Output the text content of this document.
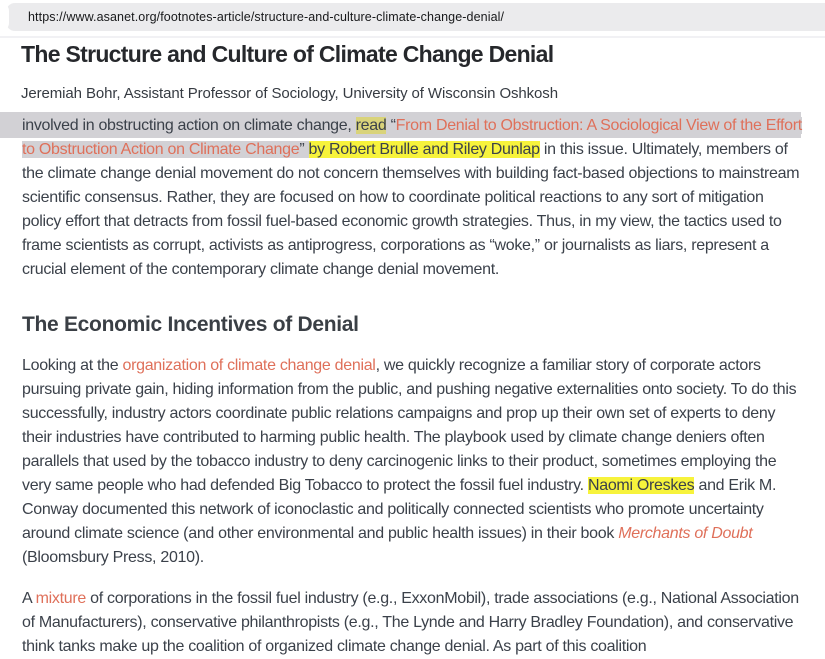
https://www.asanet.org/footnotes-article/structure-and-culture-climate-change-denial/
The Structure and Culture of Climate Change Denial
Jeremiah Bohr, Assistant Professor of Sociology, University of Wisconsin Oshkosh

involved in obstructing action on climate change, read “From Denial to Obstruction: A Sociological View of the Effort to Obstruction Action on Climate Change” by Robert Brulle and Riley Dunlap in this issue. Ultimately, members of the climate change denial movement do not concern themselves with building fact-based objections to mainstream scientific consensus. Rather, they are focused on how to coordinate political reactions to any sort of mitigation policy effort that detracts from fossil fuel-based economic growth strategies. Thus, in my view, the tactics used to frame scientists as corrupt, activists as antiprogress, corporations as “woke,” or journalists as liars, represent a crucial element of the contemporary climate change denial movement.

The Economic Incentives of Denial

Looking at the organization of climate change denial, we quickly recognize a familiar story of corporate actors pursuing private gain, hiding information from the public, and pushing negative externalities onto society. To do this successfully, industry actors coordinate public relations campaigns and prop up their own set of experts to deny their industries have contributed to harming public health. The playbook used by climate change deniers often parallels that used by the tobacco industry to deny carcinogenic links to their product, sometimes employing the very same people who had defended Big Tobacco to protect the fossil fuel industry. Naomi Oreskes and Erik M. Conway documented this network of iconoclastic and politically connected scientists who promote uncertainty around climate science (and other environmental and public health issues) in their book Merchants of Doubt (Bloomsbury Press, 2010).

A mixture of corporations in the fossil fuel industry (e.g., ExxonMobil), trade associations (e.g., National Association of Manufacturers), conservative philanthropists (e.g., The Lynde and Harry Bradley Foundation), and conservative think tanks make up the coalition of organized climate change denial. As part of this coalition
